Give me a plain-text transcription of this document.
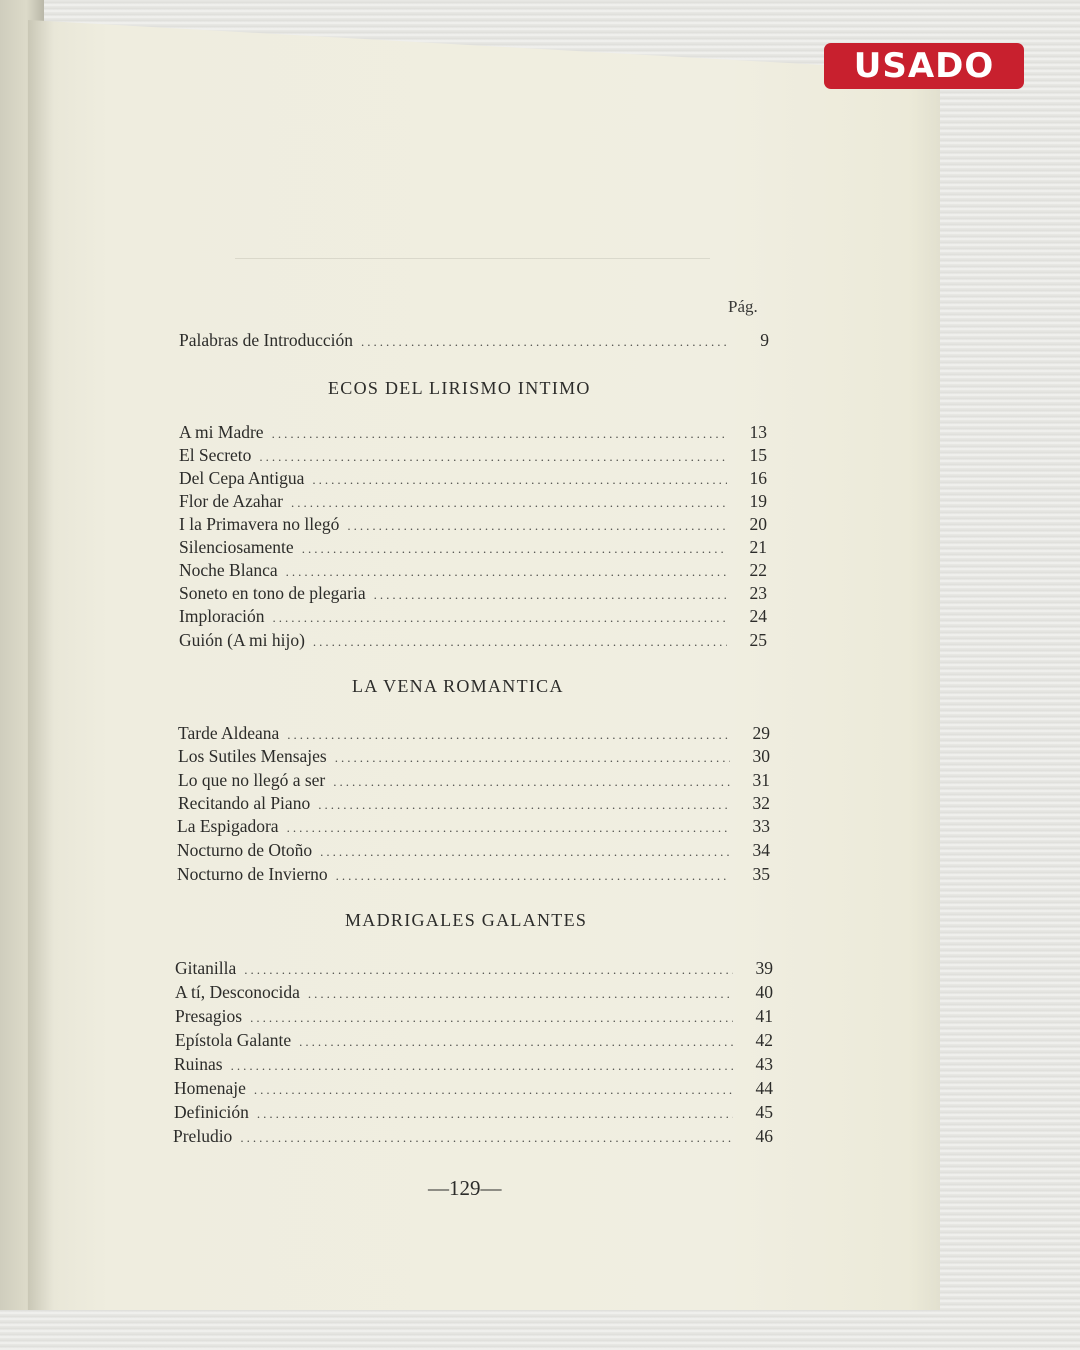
USADO
Pág.
Palabras de Introducción .....	9
ECOS DEL LIRISMO INTIMO
A mi Madre .....	13
El Secreto .....	15
Del Cepa Antigua .....	16
Flor de Azahar .....	19
I la Primavera no llegó .....	20
Silenciosamente .....	21
Noche Blanca .....	22
Soneto en tono de plegaria .....	23
Imploración .....	24
Guión (A mi hijo) .....	25
LA VENA ROMANTICA
Tarde Aldeana .....	29
Los Sutiles Mensajes .....	30
Lo que no llegó a ser .....	31
Recitando al Piano .....	32
La Espigadora .....	33
Nocturno de Otoño .....	34
Nocturno de Invierno .....	35
MADRIGALES GALANTES
Gitanilla .....	39
A tí, Desconocida .....	40
Presagios .....	41
Epístola Galante .....	42
Ruinas .....	43
Homenaje .....	44
Definición .....	45
Preludio .....	46
—129—
